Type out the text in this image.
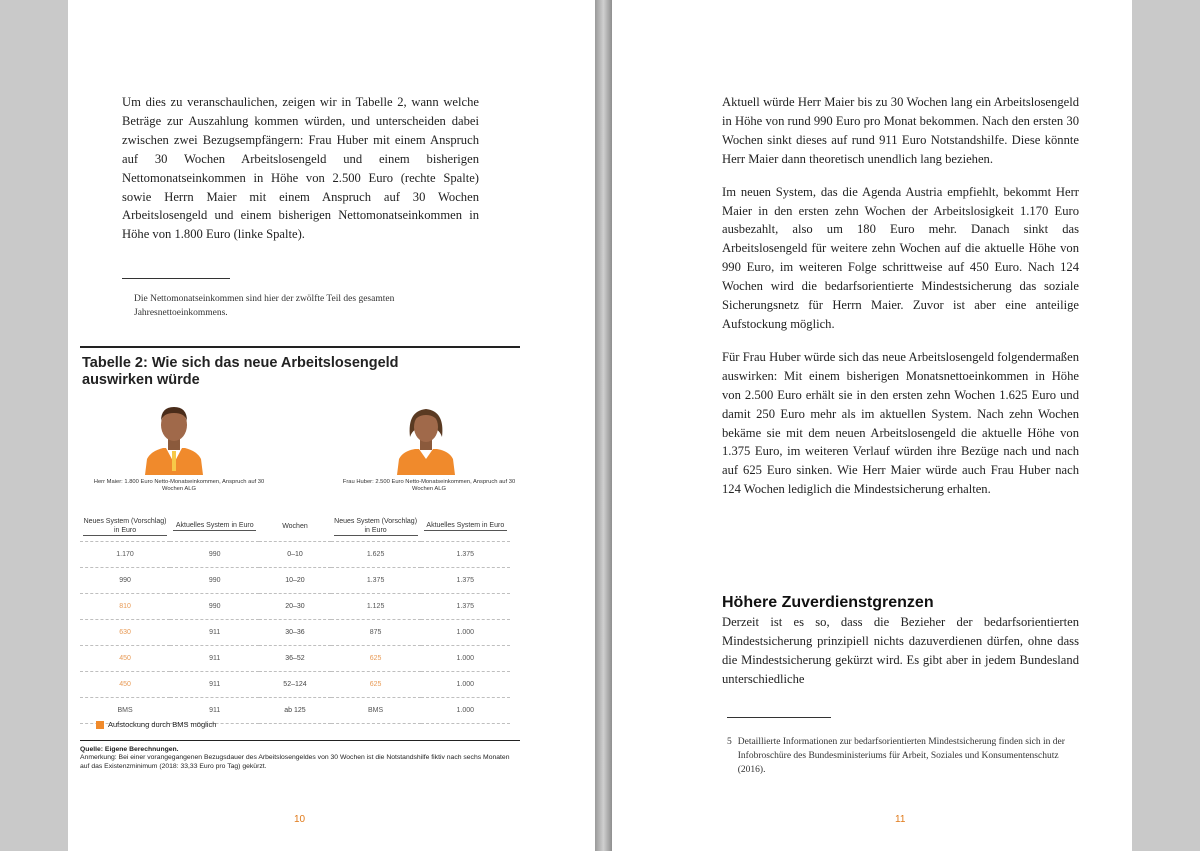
Um dies zu veranschaulichen, zeigen wir in Tabelle 2, wann welche Beträge zur Auszahlung kommen würden, und unterscheiden dabei zwischen zwei Bezugsempfängern: Frau Huber mit einem Anspruch auf 30 Wochen Arbeitslosengeld und einem bisherigen Nettomonatseinkommen in Höhe von 2.500 Euro (rechte Spalte) sowie Herrn Maier mit einem Anspruch auf 30 Wochen Arbeitslosengeld und einem bisherigen Nettomonatseinkommen in Höhe von 1.800 Euro (linke Spalte).

Die Nettomonatseinkommen sind hier der zwölfte Teil des gesamten Jahresnettoeinkommens.
Tabelle 2: Wie sich das neue Arbeitslosengeld auswirken würde
Herr Maier: 1.800 Euro Netto-Monatseinkommen, Anspruch auf 30 Wochen ALG
Frau Huber: 2.500 Euro Netto-Monatseinkommen, Anspruch auf 30 Wochen ALG
Neues System (Vorschlag) in Euro	Aktuelles System in Euro	Wochen	Neues System (Vorschlag) in Euro	Aktuelles System in Euro

1.170	990	0–10	1.625	1.375
990	990	10–20	1.375	1.375
810	990	20–30	1.125	1.375
630	911	30–36	875	1.000
450	911	36–52	625	1.000
450	911	52–124	625	1.000
BMS	911	ab 125	BMS	1.000
Aufstockung durch BMS möglich
Quelle: Eigene Berechnungen.
Anmerkung: Bei einer vorangegangenen Bezugsdauer des Arbeitslosengeldes von 30 Wochen ist die Notstandshilfe fiktiv nach sechs Monaten auf das Existenzminimum (2018: 33,33 Euro pro Tag) gekürzt.
10

Aktuell würde Herr Maier bis zu 30 Wochen lang ein Arbeitslosengeld in Höhe von rund 990 Euro pro Monat bekommen. Nach den ersten 30 Wochen sinkt dieses auf rund 911 Euro Notstandshilfe. Diese könnte Herr Maier dann theoretisch unendlich lang beziehen.

Im neuen System, das die Agenda Austria empfiehlt, bekommt Herr Maier in den ersten zehn Wochen der Arbeitslosigkeit 1.170 Euro ausbezahlt, also um 180 Euro mehr. Danach sinkt das Arbeitslosengeld für weitere zehn Wochen auf die aktuelle Höhe von 990 Euro, im weiteren Folge schrittweise auf 450 Euro. Nach 124 Wochen wird die bedarfsorientierte Mindestsicherung das soziale Sicherungsnetz für Herrn Maier. Zuvor ist aber eine anteilige Aufstockung möglich.

Für Frau Huber würde sich das neue Arbeitslosengeld folgendermaßen auswirken: Mit einem bisherigen Monatsnettoeinkommen in Höhe von 2.500 Euro erhält sie in den ersten zehn Wochen 1.625 Euro und damit 250 Euro mehr als im aktuellen System. Nach zehn Wochen bekäme sie mit dem neuen Arbeitslosengeld die aktuelle Höhe von 1.375 Euro, im weiteren Verlauf würden ihre Bezüge nach und nach auf 625 Euro sinken. Wie Herr Maier würde auch Frau Huber nach 124 Wochen lediglich die Mindestsicherung erhalten.

Höhere Zuverdienstgrenzen

Derzeit ist es so, dass die Bezieher der bedarfsorientierten Mindestsicherung prinzipiell nichts dazuverdienen dürfen, ohne dass die Mindestsicherung gekürzt wird. Es gibt aber in jedem Bundesland unterschiedliche

5 Detaillierte Informationen zur bedarfsorientierten Mindestsicherung finden sich in der Infobroschüre des Bundesministeriums für Arbeit, Soziales und Konsumentenschutz (2016).
11
